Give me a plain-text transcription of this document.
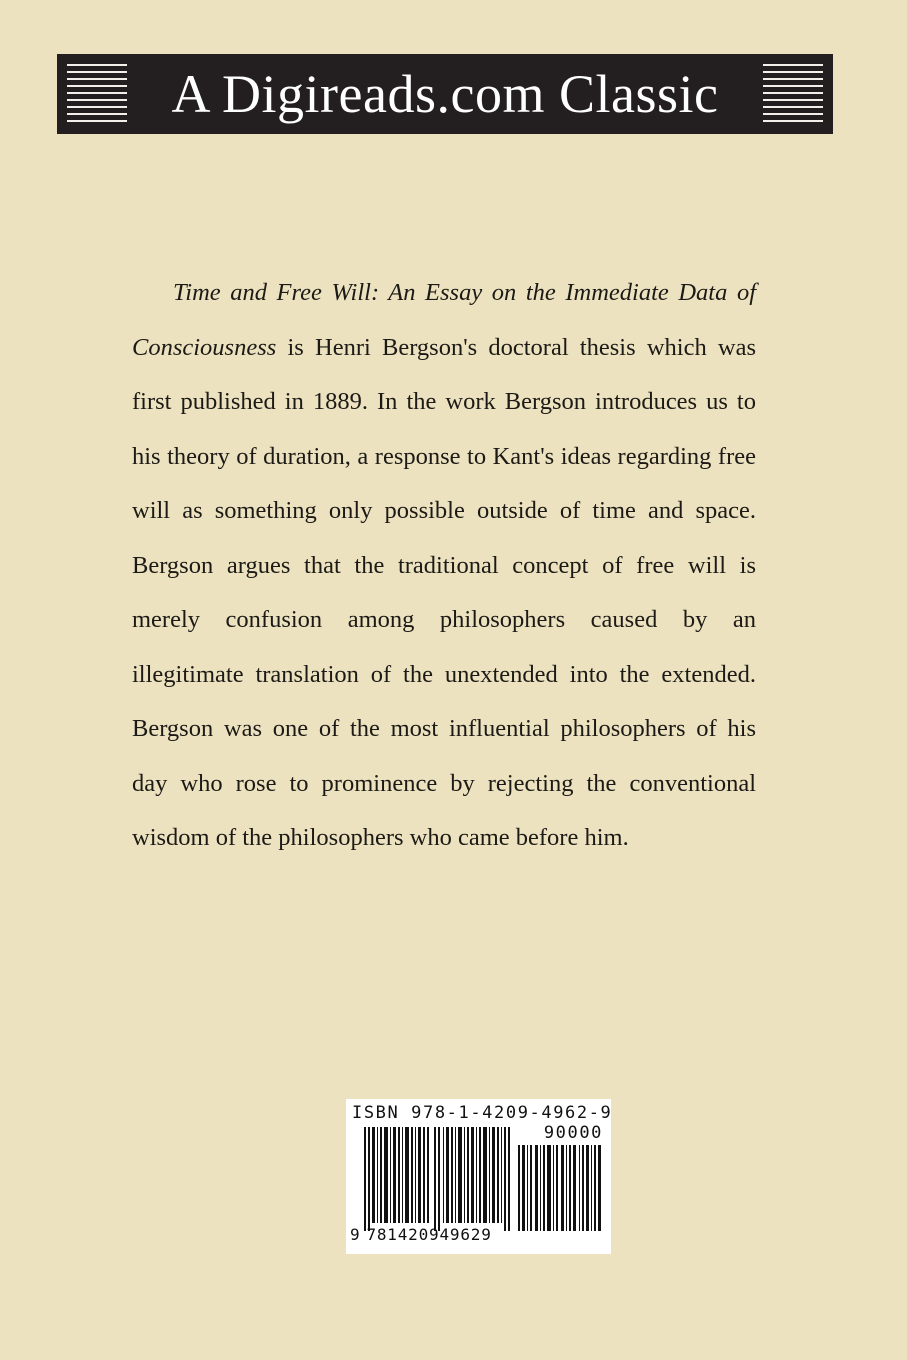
A Digireads.com Classic

Time and Free Will: An Essay on the Immediate Data of Consciousness is Henri Bergson's doctoral thesis which was first published in 1889. In the work Bergson introduces us to his theory of duration, a response to Kant's ideas regarding free will as something only possible outside of time and space. Bergson argues that the traditional concept of free will is merely confusion among philosophers caused by an illegitimate translation of the unextended into the extended. Bergson was one of the most influential philosophers of his day who rose to prominence by rejecting the conventional wisdom of the philosophers who came before him.

ISBN 978-1-4209-4962-9
90000
9 781420949629
